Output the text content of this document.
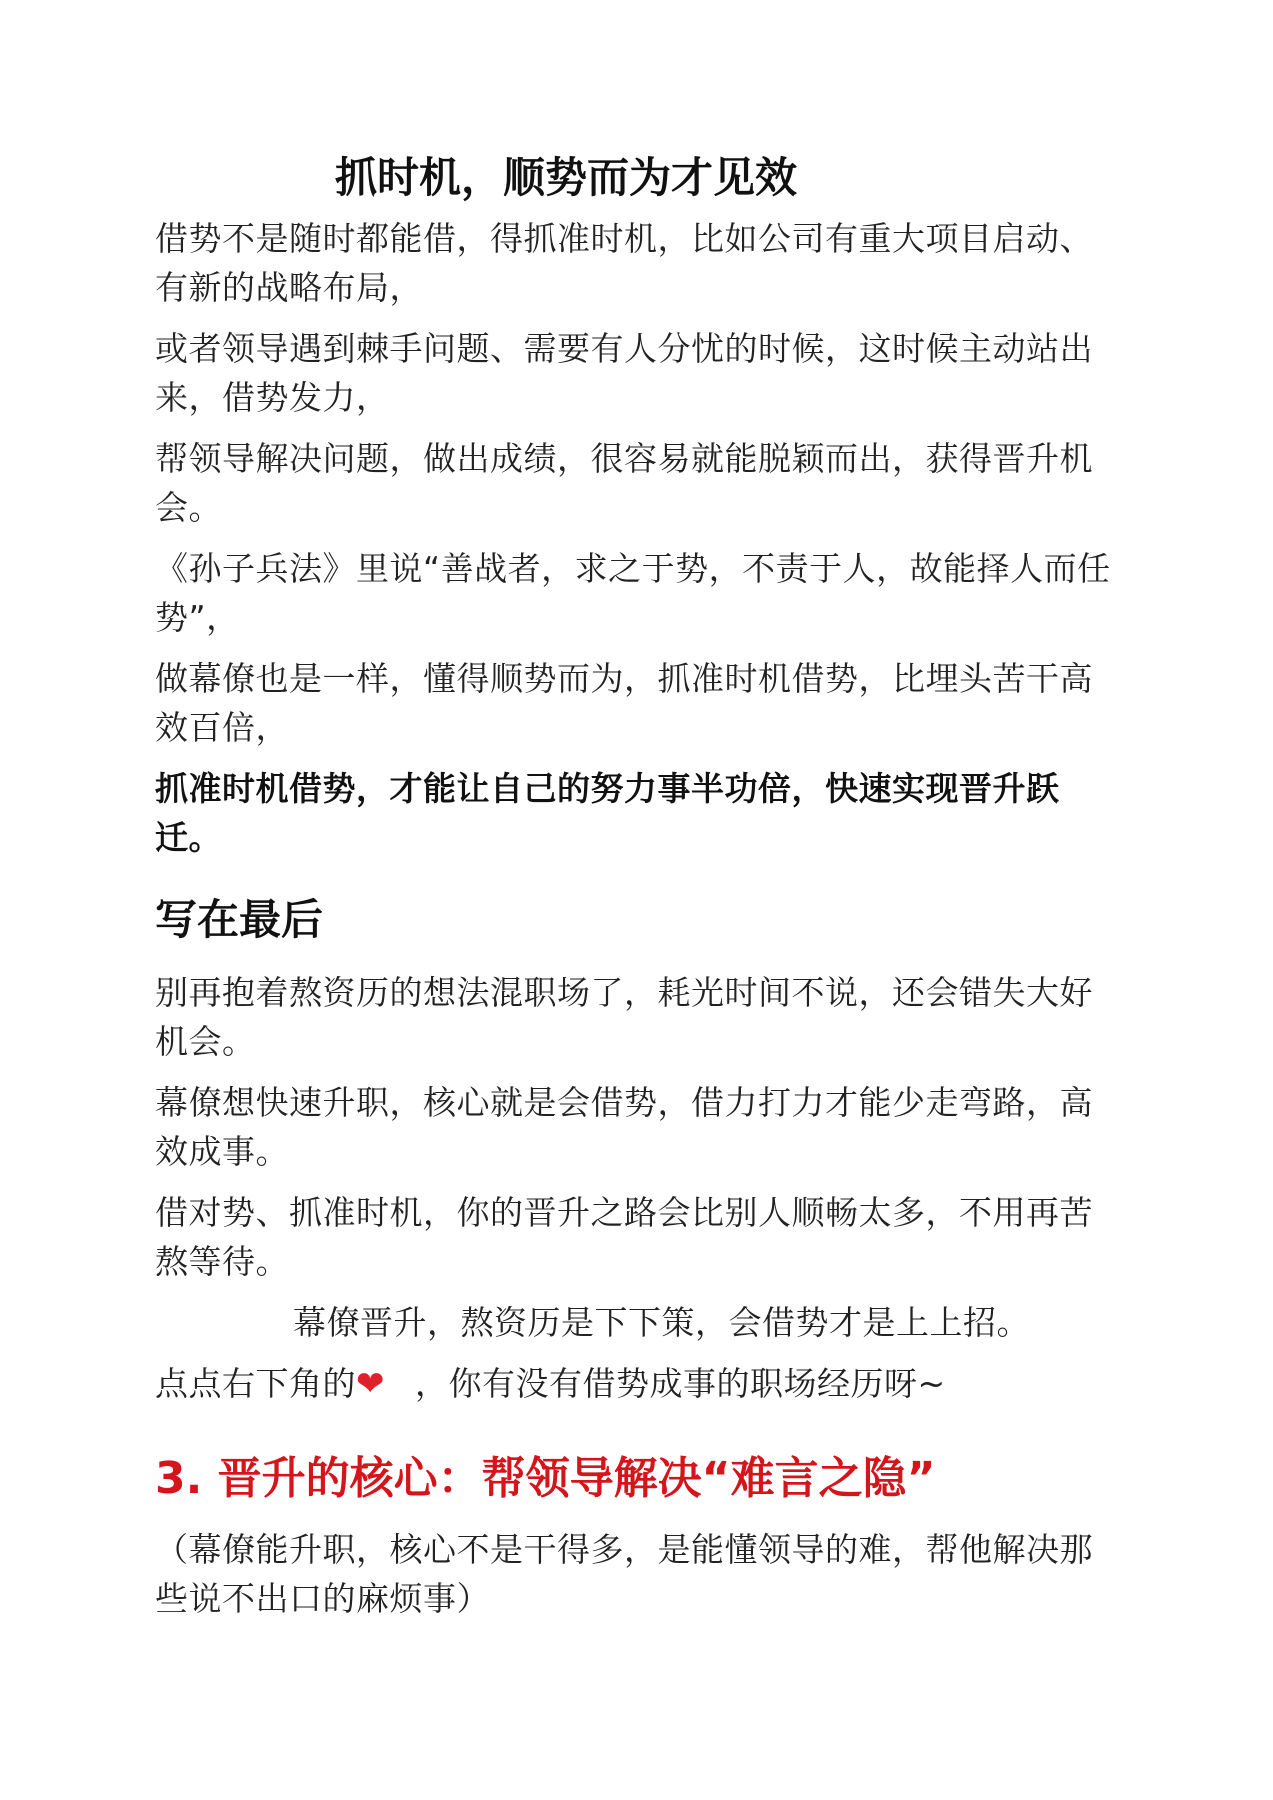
抓时机，顺势而为才见效

借势不是随时都能借，得抓准时机，比如公司有重大项目启动、有新的战略布局，

或者领导遇到棘手问题、需要有人分忧的时候，这时候主动站出来，借势发力，

帮领导解决问题，做出成绩，很容易就能脱颖而出，获得晋升机会。

《孙子兵法》里说“善战者，求之于势，不责于人，故能择人而任势”，

做幕僚也是一样，懂得顺势而为，抓准时机借势，比埋头苦干高效百倍，

抓准时机借势，才能让自己的努力事半功倍，快速实现晋升跃迁。

写在最后

别再抱着熬资历的想法混职场了，耗光时间不说，还会错失大好机会。

幕僚想快速升职，核心就是会借势，借力打力才能少走弯路，高效成事。

借对势、抓准时机，你的晋升之路会比别人顺畅太多，不用再苦熬等待。

幕僚晋升，熬资历是下下策，会借势才是上上招。

点点右下角的❤ ，你有没有借势成事的职场经历呀~

3. 晋升的核心：帮领导解决“难言之隐”

（幕僚能升职，核心不是干得多，是能懂领导的难，帮他解决那些说不出口的麻烦事）
